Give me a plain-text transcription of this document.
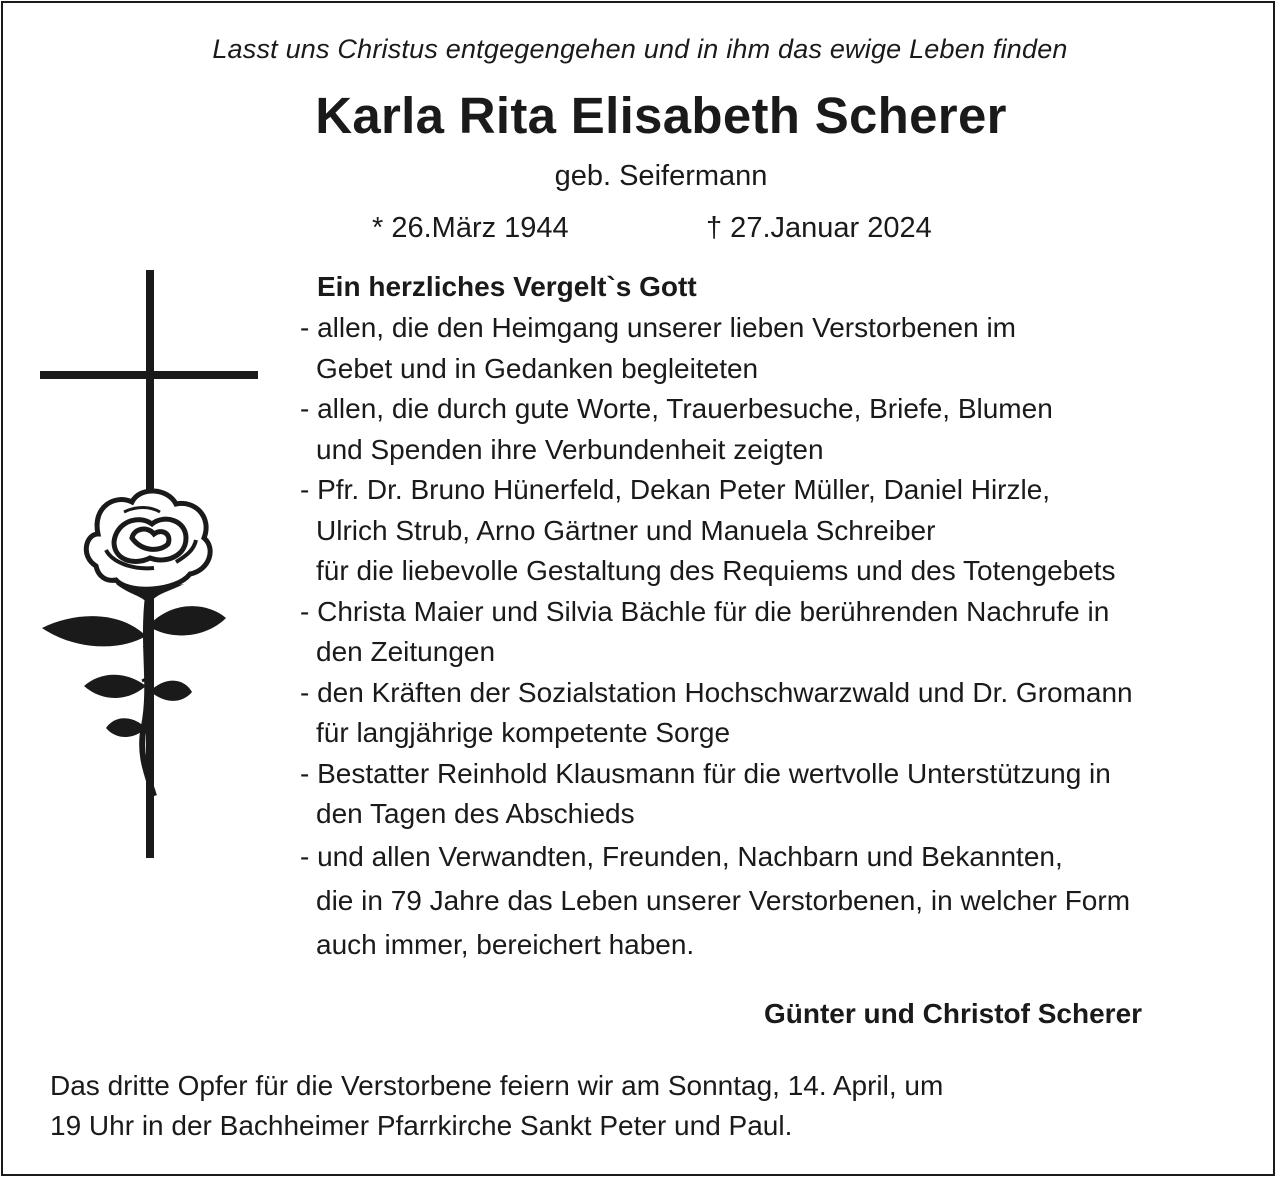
Lasst uns Christus entgegengehen und in ihm das ewige Leben finden
Karla Rita Elisabeth Scherer
geb. Seifermann
* 26.März 1944	† 27.Januar 2024
Ein herzliches Vergelt`s Gott
- allen, die den Heimgang unserer lieben Verstorbenen im
Gebet und in Gedanken begleiteten
- allen, die durch gute Worte, Trauerbesuche, Briefe, Blumen
und Spenden ihre Verbundenheit zeigten
- Pfr. Dr. Bruno Hünerfeld, Dekan Peter Müller, Daniel Hirzle,
Ulrich Strub, Arno Gärtner und Manuela Schreiber
für die liebevolle Gestaltung des Requiems und des Totengebets
- Christa Maier und Silvia Bächle für die berührenden Nachrufe in
den Zeitungen
- den Kräften der Sozialstation Hochschwarzwald und Dr. Gromann
für langjährige kompetente Sorge
- Bestatter Reinhold Klausmann für die wertvolle Unterstützung in
den Tagen des Abschieds
- und allen Verwandten, Freunden, Nachbarn und Bekannten,
die in 79 Jahre das Leben unserer Verstorbenen, in welcher Form
auch immer, bereichert haben.
Günter und Christof Scherer
Das dritte Opfer für die Verstorbene feiern wir am Sonntag, 14. April, um
19 Uhr in der Bachheimer Pfarrkirche Sankt Peter und Paul.
